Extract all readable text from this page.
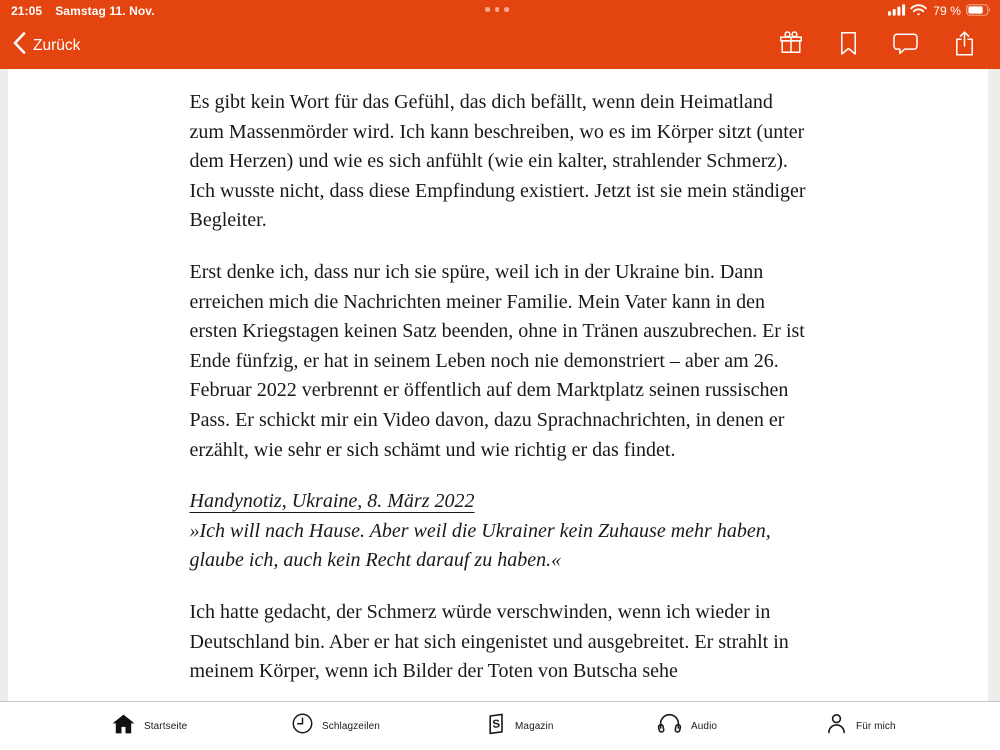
21:05 Samstag 11. Nov.	79 %
Zurück

Es gibt kein Wort für das Gefühl, das dich befällt, wenn dein Heimatland zum Massenmörder wird. Ich kann beschreiben, wo es im Körper sitzt (unter dem Herzen) und wie es sich anfühlt (wie ein kalter, strahlender Schmerz). Ich wusste nicht, dass diese Empfindung existiert. Jetzt ist sie mein ständiger Begleiter.

Erst denke ich, dass nur ich sie spüre, weil ich in der Ukraine bin. Dann erreichen mich die Nachrichten meiner Familie. Mein Vater kann in den ersten Kriegstagen keinen Satz beenden, ohne in Tränen auszubrechen. Er ist Ende fünfzig, er hat in seinem Leben noch nie demonstriert – aber am 26. Februar 2022 verbrennt er öffentlich auf dem Marktplatz seinen russischen Pass. Er schickt mir ein Video davon, dazu Sprachnachrichten, in denen er erzählt, wie sehr er sich schämt und wie richtig er das findet.

Handynotiz, Ukraine, 8. März 2022
»Ich will nach Hause. Aber weil die Ukrainer kein Zuhause mehr haben, glaube ich, auch kein Recht darauf zu haben.«

Ich hatte gedacht, der Schmerz würde verschwinden, wenn ich wieder in Deutschland bin. Aber er hat sich eingenistet und ausgebreitet. Er strahlt in meinem Körper, wenn ich Bilder der Toten von Butscha sehe

Startseite	Schlagzeilen	S Magazin	Audio	Für mich
